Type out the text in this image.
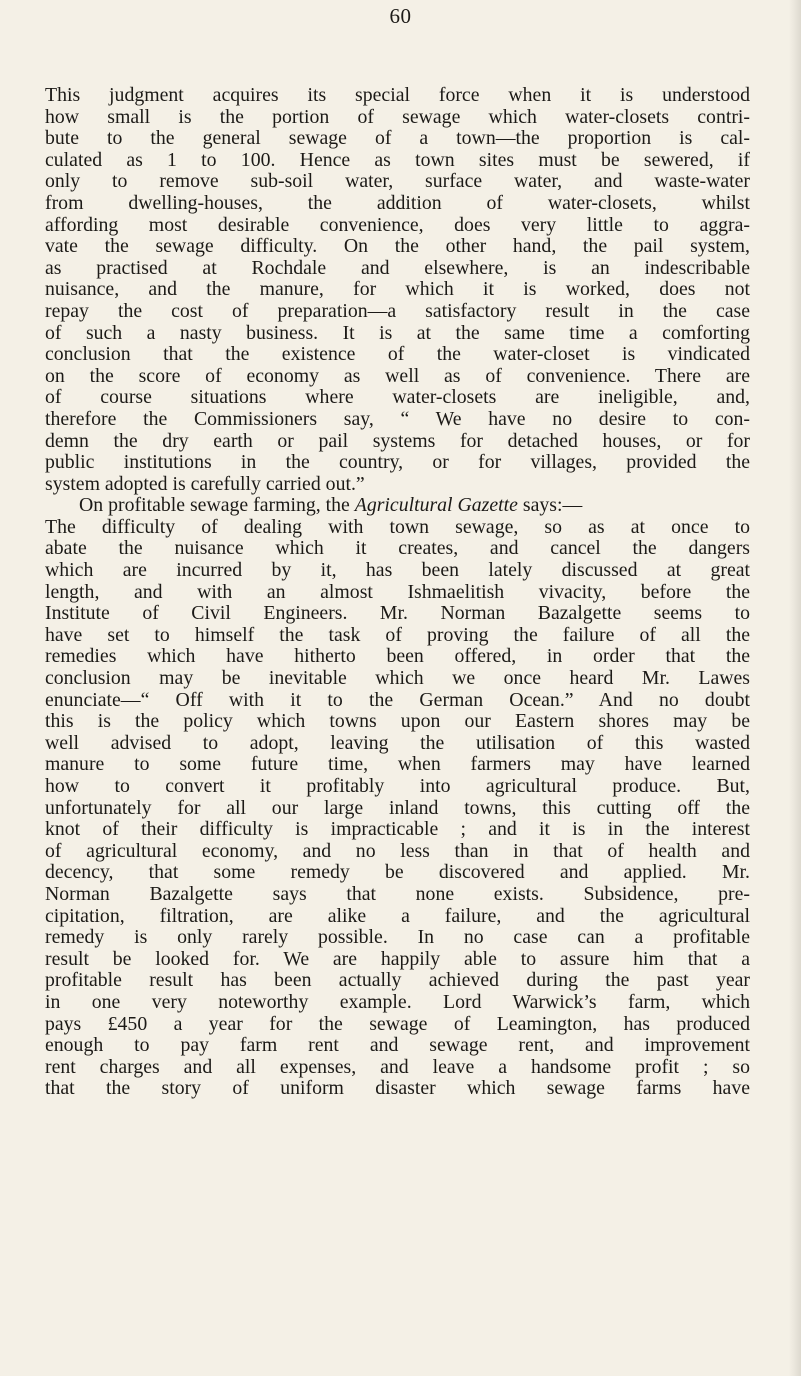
60
This judgment acquires its special force when it is understood
how small is the portion of sewage which water-closets contri-
bute to the general sewage of a town—the proportion is cal-
culated as 1 to 100. Hence as town sites must be sewered, if
only to remove sub-soil water, surface water, and waste-water
from dwelling-houses, the addition of water-closets, whilst
affording most desirable convenience, does very little to aggra-
vate the sewage difficulty. On the other hand, the pail system,
as practised at Rochdale and elsewhere, is an indescribable
nuisance, and the manure, for which it is worked, does not
repay the cost of preparation—a satisfactory result in the case
of such a nasty business. It is at the same time a comforting
conclusion that the existence of the water-closet is vindicated
on the score of economy as well as of convenience. There are
of course situations where water-closets are ineligible, and,
therefore the Commissioners say, “ We have no desire to con-
demn the dry earth or pail systems for detached houses, or for
public institutions in the country, or for villages, provided the
system adopted is carefully carried out.”
On profitable sewage farming, the Agricultural Gazette says:—
The difficulty of dealing with town sewage, so as at once to
abate the nuisance which it creates, and cancel the dangers
which are incurred by it, has been lately discussed at great
length, and with an almost Ishmaelitish vivacity, before the
Institute of Civil Engineers. Mr. Norman Bazalgette seems to
have set to himself the task of proving the failure of all the
remedies which have hitherto been offered, in order that the
conclusion may be inevitable which we once heard Mr. Lawes
enunciate—“ Off with it to the German Ocean.” And no doubt
this is the policy which towns upon our Eastern shores may be
well advised to adopt, leaving the utilisation of this wasted
manure to some future time, when farmers may have learned
how to convert it profitably into agricultural produce. But,
unfortunately for all our large inland towns, this cutting off the
knot of their difficulty is impracticable ; and it is in the interest
of agricultural economy, and no less than in that of health and
decency, that some remedy be discovered and applied. Mr.
Norman Bazalgette says that none exists. Subsidence, pre-
cipitation, filtration, are alike a failure, and the agricultural
remedy is only rarely possible. In no case can a profitable
result be looked for. We are happily able to assure him that a
profitable result has been actually achieved during the past year
in one very noteworthy example. Lord Warwick’s farm, which
pays £450 a year for the sewage of Leamington, has produced
enough to pay farm rent and sewage rent, and improvement
rent charges and all expenses, and leave a handsome profit ; so
that the story of uniform disaster which sewage farms have
